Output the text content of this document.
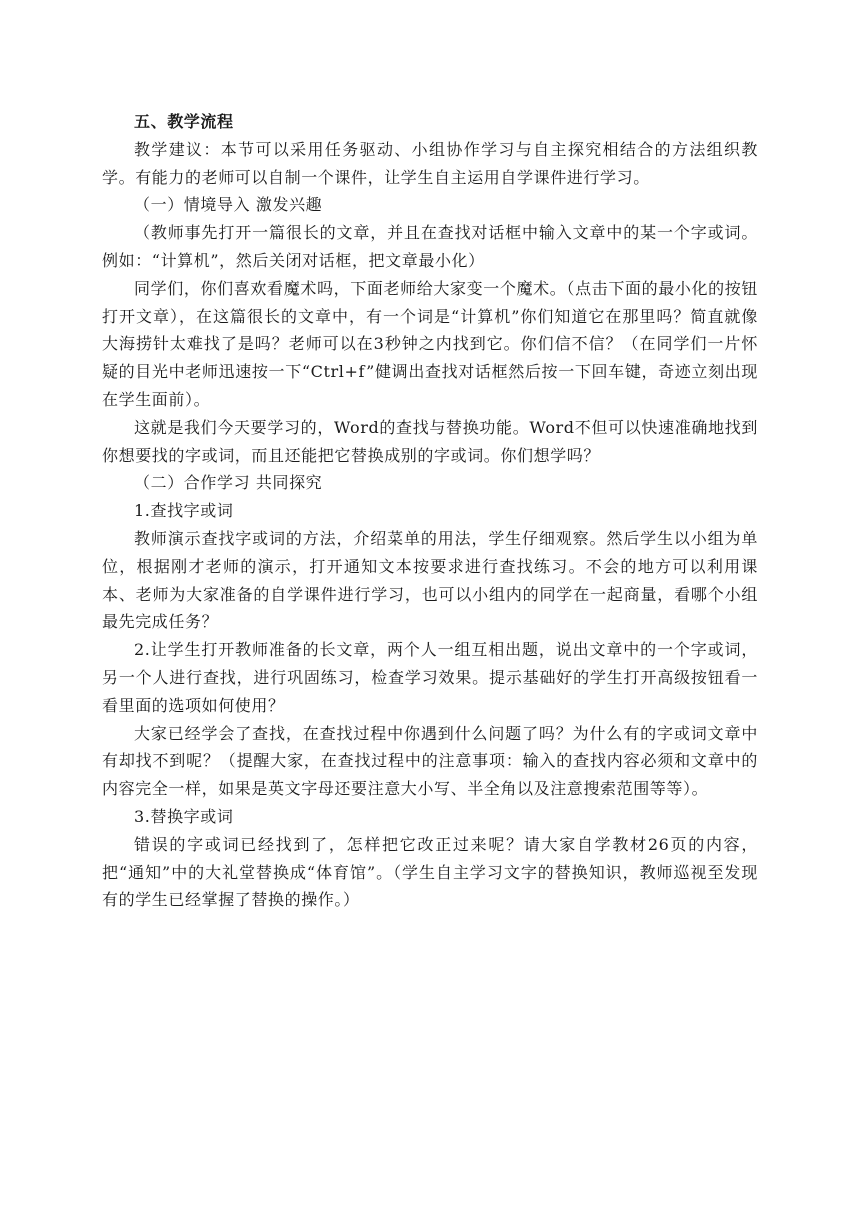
五、教学流程

教学建议：本节可以采用任务驱动、小组协作学习与自主探究相结合的方法组织教学。有能力的老师可以自制一个课件，让学生自主运用自学课件进行学习。

（一）情境导入 激发兴趣

（教师事先打开一篇很长的文章，并且在查找对话框中输入文章中的某一个字或词。例如：“计算机”，然后关闭对话框，把文章最小化）

同学们，你们喜欢看魔术吗，下面老师给大家变一个魔术。（点击下面的最小化的按钮打开文章），在这篇很长的文章中，有一个词是“计算机”你们知道它在那里吗？简直就像大海捞针太难找了是吗？老师可以在3秒钟之内找到它。你们信不信？（在同学们一片怀疑的目光中老师迅速按一下“Ctrl+f”健调出查找对话框然后按一下回车键，奇迹立刻出现在学生面前）。

这就是我们今天要学习的，Word的查找与替换功能。Word不但可以快速准确地找到你想要找的字或词，而且还能把它替换成别的字或词。你们想学吗？

（二）合作学习 共同探究

1.查找字或词

教师演示查找字或词的方法，介绍菜单的用法，学生仔细观察。然后学生以小组为单位，根据刚才老师的演示，打开通知文本按要求进行查找练习。不会的地方可以利用课本、老师为大家准备的自学课件进行学习，也可以小组内的同学在一起商量，看哪个小组最先完成任务？

2.让学生打开教师准备的长文章，两个人一组互相出题，说出文章中的一个字或词，另一个人进行查找，进行巩固练习，检查学习效果。提示基础好的学生打开高级按钮看一看里面的选项如何使用？

大家已经学会了查找，在查找过程中你遇到什么问题了吗？为什么有的字或词文章中有却找不到呢？（提醒大家，在查找过程中的注意事项：输入的查找内容必须和文章中的内容完全一样，如果是英文字母还要注意大小写、半全角以及注意搜索范围等等）。

3.替换字或词

错误的字或词已经找到了，怎样把它改正过来呢？请大家自学教材26页的内容，把“通知”中的大礼堂替换成“体育馆”。（学生自主学习文字的替换知识，教师巡视至发现有的学生已经掌握了替换的操作。）
